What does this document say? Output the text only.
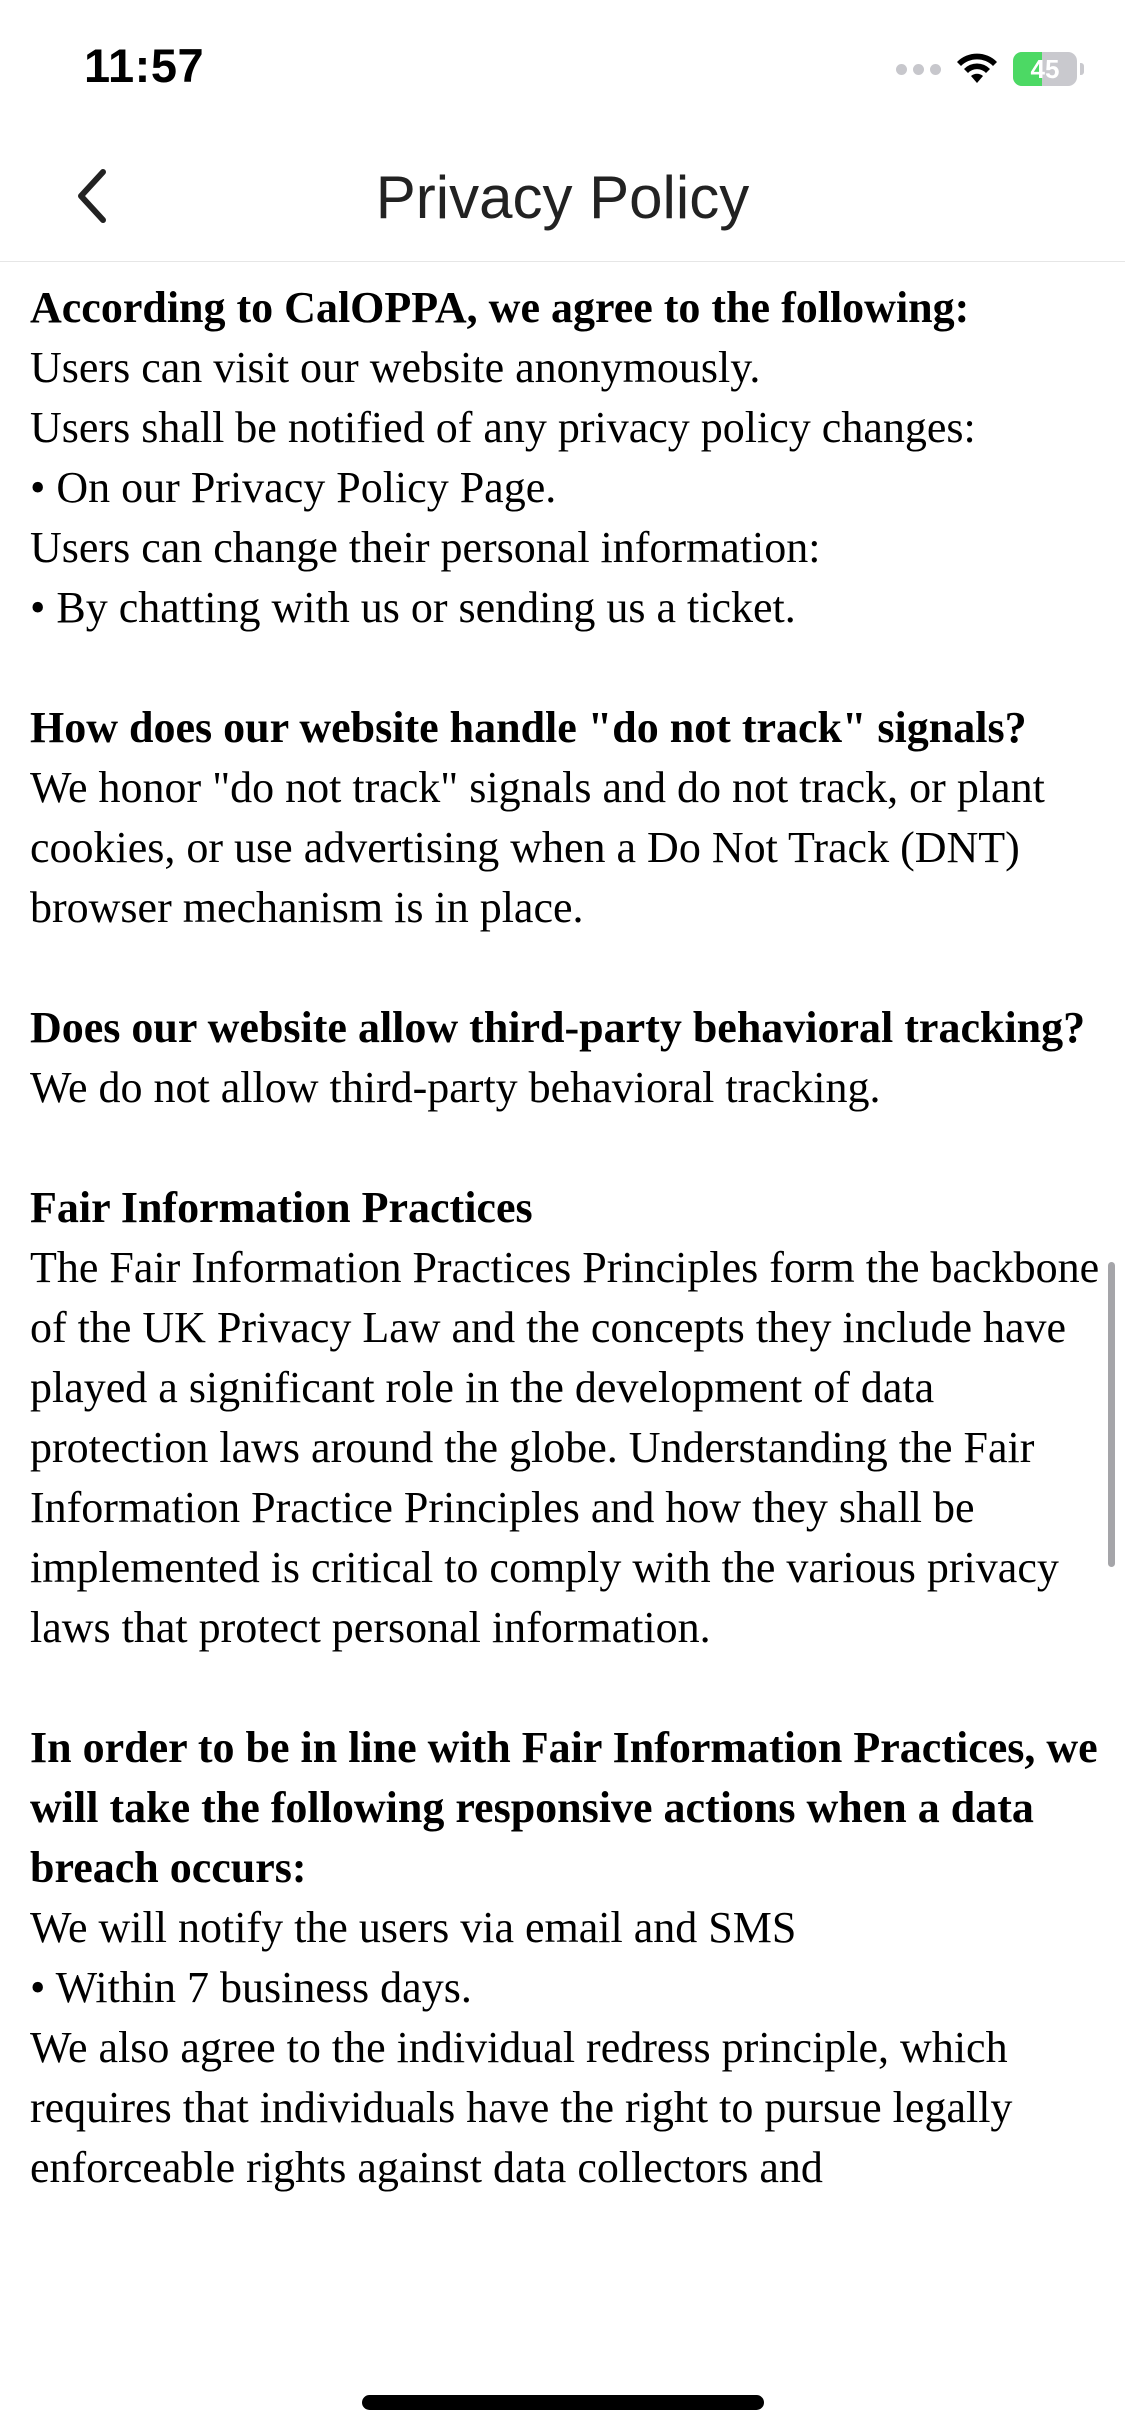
11:57	45
Privacy Policy

According to CalOPPA, we agree to the following:

Users can visit our website anonymously.

Users shall be notified of any privacy policy changes:

• On our Privacy Policy Page.

Users can change their personal information:

• By chatting with us or sending us a ticket.

How does our website handle "do not track" signals?

We honor "do not track" signals and do not track, or plant cookies, or use advertising when a Do Not Track (DNT) browser mechanism is in place.

Does our website allow third-party behavioral tracking?

We do not allow third-party behavioral tracking.

Fair Information Practices

The Fair Information Practices Principles form the backbone of the UK Privacy Law and the concepts they include have played a significant role in the development of data protection laws around the globe. Understanding the Fair Information Practice Principles and how they shall be implemented is critical to comply with the various privacy laws that protect personal information.

In order to be in line with Fair Information Practices, we will take the following responsive actions when a data breach occurs:

We will notify the users via email and SMS

• Within 7 business days.

We also agree to the individual redress principle, which requires that individuals have the right to pursue legally enforceable rights against data collectors and
